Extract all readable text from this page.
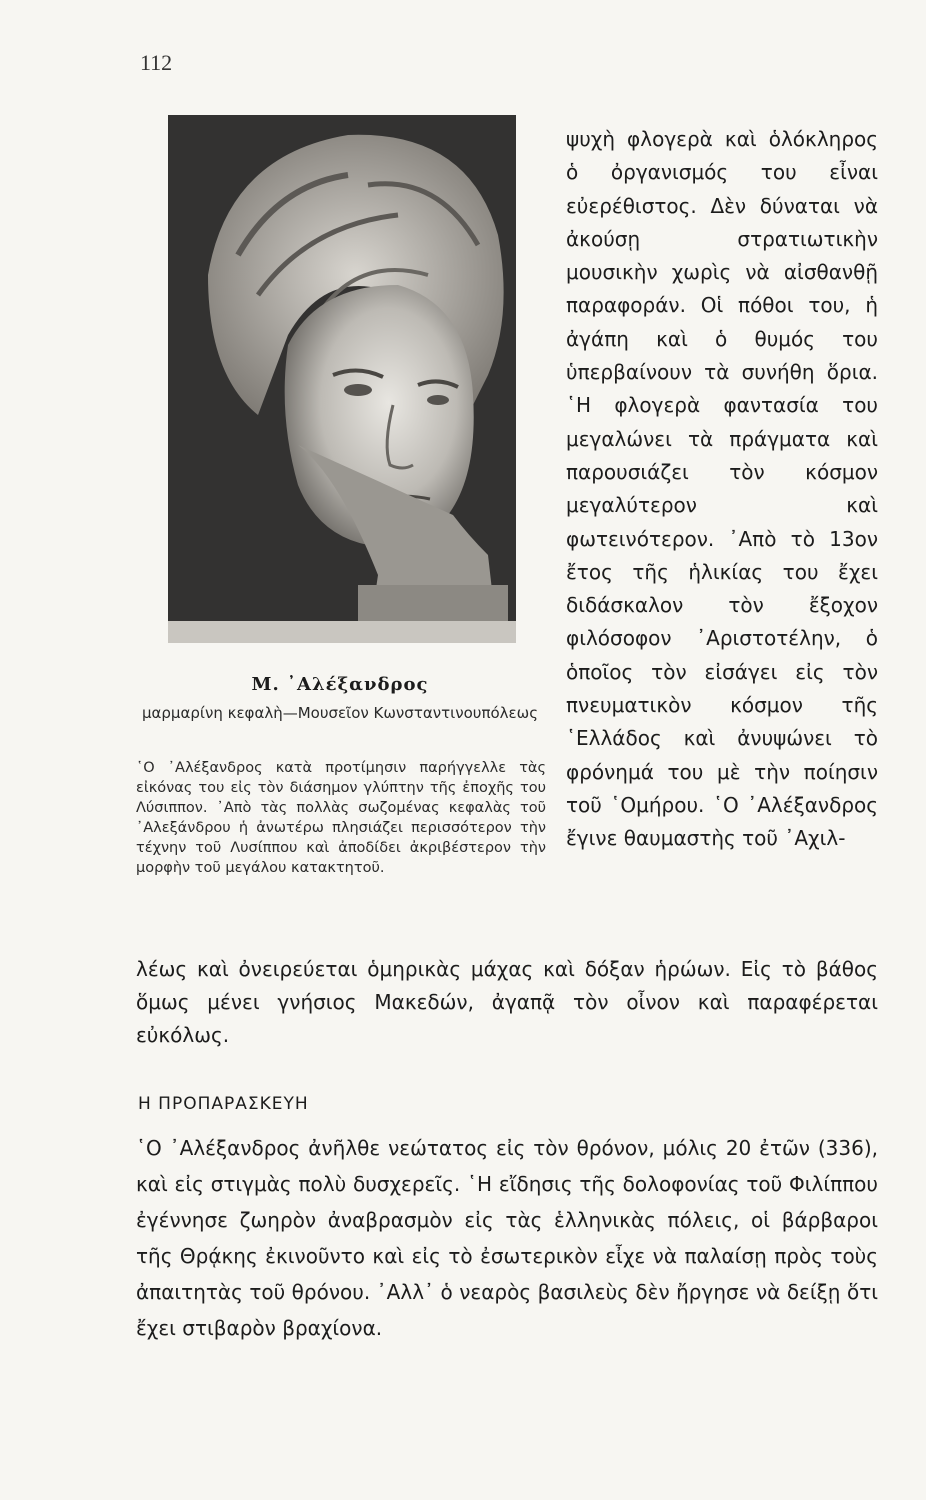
112
Μ. ᾿Αλέξανδρος
μαρμαρίνη κεφαλὴ—Μουσεῖον Κωνσταντινουπόλεως
῾Ο ᾿Αλέξανδρος κατὰ προτίμησιν παρήγγελλε τὰς εἰκόνας του εἰς τὸν διάσημον γλύπτην τῆς ἐποχῆς του Λύσιππον. ᾿Απὸ τὰς πολλὰς σωζομένας κεφαλὰς τοῦ ᾿Αλεξάνδρου ἡ ἀνωτέρω πλησιάζει περισσότερον τὴν τέχνην τοῦ Λυσίππου καὶ ἀποδίδει ἀκριβέστερον τὴν μορφὴν τοῦ μεγάλου κατακτητοῦ.

ψυχὴ φλογερὰ καὶ ὁλόκληρος ὁ ὀργανισμός του εἶναι εὐερέθιστος. Δὲν δύναται νὰ ἀκούσῃ στρατιωτικὴν μουσικὴν χωρὶς νὰ αἰσθανθῇ παραφοράν. Οἱ πόθοι του, ἡ ἀγάπη καὶ ὁ θυμός του ὑπερβαίνουν τὰ συνήθη ὅρια. ῾Η φλογερὰ φαντασία του μεγαλώνει τὰ πράγματα καὶ παρουσιάζει τὸν κόσμον μεγαλύτερον καὶ φωτεινότερον. ᾿Απὸ τὸ 13ον ἔτος τῆς ἡλικίας του ἔχει διδάσκαλον τὸν ἔξοχον φιλόσοφον ᾿Αριστοτέλην, ὁ ὁποῖος τὸν εἰσάγει εἰς τὸν πνευματικὸν κόσμον τῆς ῾Ελλάδος καὶ ἀνυψώνει τὸ φρόνημά του μὲ τὴν ποίησιν τοῦ ῾Ομήρου. ῾Ο ᾿Αλέξανδρος ἔγινε θαυμαστὴς τοῦ ᾿Αχιλ-

λέως καὶ ὀνειρεύεται ὁμηρικὰς μάχας καὶ δόξαν ἡρώων. Εἰς τὸ βάθος ὅμως μένει γνήσιος Μακεδών, ἀγαπᾷ τὸν οἶνον καὶ παραφέρεται εὐκόλως.

Η ΠΡΟΠΑΡΑΣΚΕΥΗ

῾Ο ᾿Αλέξανδρος ἀνῆλθε νεώτατος εἰς τὸν θρόνον, μόλις 20 ἐτῶν (336), καὶ εἰς στιγμὰς πολὺ δυσχερεῖς. ῾Η εἴδησις τῆς δολοφονίας τοῦ Φιλίππου ἐγέννησε ζωηρὸν ἀναβρασμὸν εἰς τὰς ἑλληνικὰς πόλεις, οἱ βάρβαροι τῆς Θρᾴκης ἐκινοῦντο καὶ εἰς τὸ ἐσωτερικὸν εἶχε νὰ παλαίσῃ πρὸς τοὺς ἀπαιτητὰς τοῦ θρόνου. ᾿Αλλ᾿ ὁ νεαρὸς βασιλεὺς δὲν ἤργησε νὰ δείξῃ ὅτι ἔχει στιβαρὸν βραχίονα.
